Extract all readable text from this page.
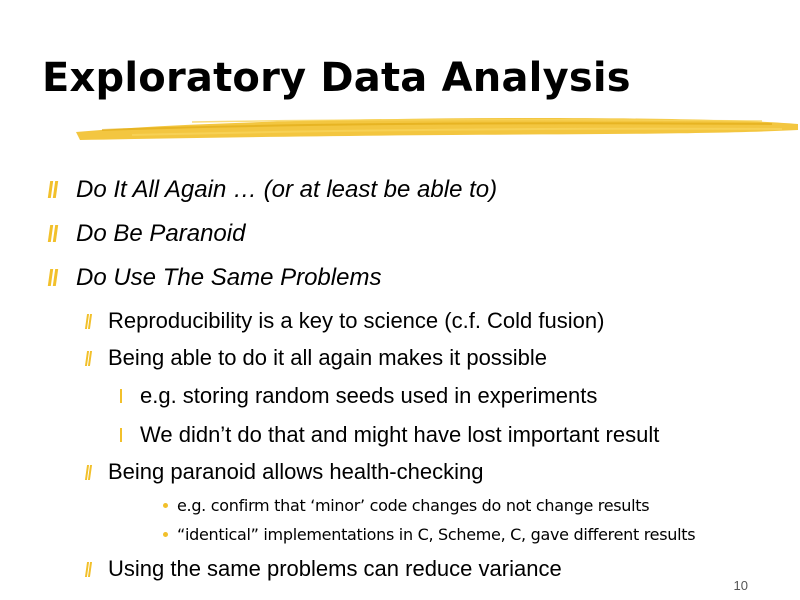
Exploratory Data Analysis
Do It All Again … (or at least be able to)
Do Be Paranoid
Do Use The Same Problems
Reproducibility is a key to science (c.f. Cold fusion)
Being able to do it all again makes it possible
e.g. storing random seeds used in experiments
We didn’t do that and might have lost important result
Being paranoid allows health-checking
e.g. confirm that ‘minor’ code changes do not change results
“identical” implementations in C, Scheme, C, gave different results
Using the same problems can reduce variance
10
